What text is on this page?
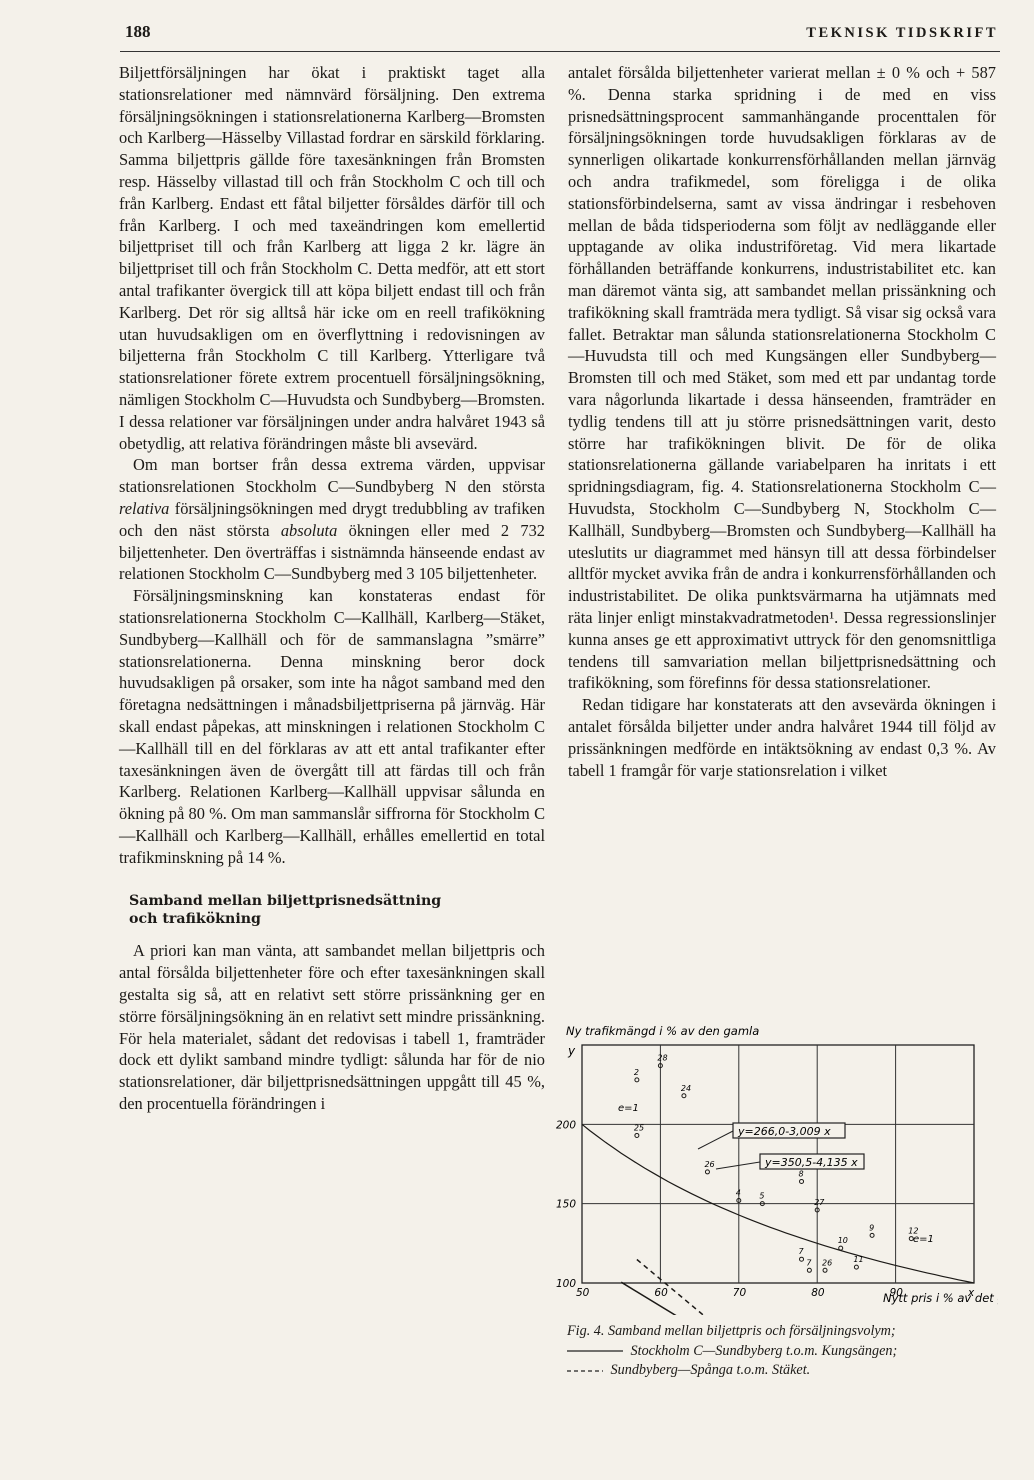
188	TEKNISK TIDSKRIFT

Biljettförsäljningen har ökat i praktiskt taget alla stationsrelationer med nämnvärd försäljning. Den extrema försäljningsökningen i stationsrelationerna Karlberg—Bromsten och Karlberg—Hässelby Villastad fordrar en särskild förklaring. Samma biljettpris gällde före taxesänkningen från Bromsten resp. Hässelby villastad till och från Stockholm C och till och från Karlberg. Endast ett fåtal biljetter försåldes därför till och från Karlberg. I och med taxeändringen kom emellertid biljettpriset till och från Karlberg att ligga 2 kr. lägre än biljettpriset till och från Stockholm C. Detta medför, att ett stort antal trafikanter övergick till att köpa biljett endast till och från Karlberg. Det rör sig alltså här icke om en reell trafikökning utan huvudsakligen om en överflyttning i redovisningen av biljetterna från Stockholm C till Karlberg. Ytterligare två stationsrelationer förete extrem procentuell försäljningsökning, nämligen Stockholm C—Huvudsta och Sundbyberg—Bromsten. I dessa relationer var försäljningen under andra halvåret 1943 så obetydlig, att relativa förändringen måste bli avsevärd.

Om man bortser från dessa extrema värden, uppvisar stationsrelationen Stockholm C—Sundbyberg N den största relativa försäljningsökningen med drygt tredubbling av trafiken och den näst största absoluta ökningen eller med 2 732 biljettenheter. Den överträffas i sistnämnda hänseende endast av relationen Stockholm C—Sundbyberg med 3 105 biljettenheter.

Försäljningsminskning kan konstateras endast för stationsrelationerna Stockholm C—Kallhäll, Karlberg—Stäket, Sundbyberg—Kallhäll och för de sammanslagna ”smärre” stationsrelationerna. Denna minskning beror dock huvudsakligen på orsaker, som inte ha något samband med den företagna nedsättningen i månadsbiljettpriserna på järnväg. Här skall endast påpekas, att minskningen i relationen Stockholm C—Kallhäll till en del förklaras av att ett antal trafikanter efter taxesänkningen även de övergått till att färdas till och från Karlberg. Relationen Karlberg—Kallhäll uppvisar sålunda en ökning på 80 %. Om man sammanslår siffrorna för Stockholm C—Kallhäll och Karlberg—Kallhäll, erhålles emellertid en total trafikminskning på 14 %.

Samband mellan biljettprisnedsättning
och trafikökning

A priori kan man vänta, att sambandet mellan biljettpris och antal försålda biljettenheter före och efter taxesänkningen skall gestalta sig så, att en relativt sett större prissänkning ger en större försäljningsökning än en relativt sett mindre prissänkning. För hela materialet, sådant det redovisas i tabell 1, framträder dock ett dylikt samband mindre tydligt: sålunda har för de nio stationsrelationer, där biljettprisnedsättningen uppgått till 45 %, den procentuella förändringen i

antalet försålda biljettenheter varierat mellan ± 0 % och + 587 %. Denna starka spridning i de med en viss prisnedsättningsprocent sammanhängande procenttalen för försäljningsökningen torde huvudsakligen förklaras av de synnerligen olikartade konkurrensförhållanden mellan järnväg och andra trafikmedel, som föreligga i de olika stationsförbindelserna, samt av vissa ändringar i resbehoven mellan de båda tidsperioderna som följt av nedläggande eller upptagande av olika industriföretag. Vid mera likartade förhållanden beträffande konkurrens, industristabilitet etc. kan man däremot vänta sig, att sambandet mellan prissänkning och trafikökning skall framträda mera tydligt. Så visar sig också vara fallet. Betraktar man sålunda stationsrelationerna Stockholm C—Huvudsta till och med Kungsängen eller Sundbyberg—Bromsten till och med Stäket, som med ett par undantag torde vara någorlunda likartade i dessa hänseenden, framträder en tydlig tendens till att ju större prisnedsättningen varit, desto större har trafikökningen blivit. De för de olika stationsrelationerna gällande variabelparen ha inritats i ett spridningsdiagram, fig. 4. Stationsrelationerna Stockholm C—Huvudsta, Stockholm C—Sundbyberg N, Stockholm C—Kallhäll, Sundbyberg—Bromsten och Sundbyberg—Kallhäll ha uteslutits ur diagrammet med hänsyn till att dessa förbindelser alltför mycket avvika från de andra i konkurrensförhållanden och industristabilitet. De olika punktsvärmarna ha utjämnats med räta linjer enligt minstakvadratmetoden¹. Dessa regressionslinjer kunna anses ge ett approximativt uttryck för den genomsnittliga tendens till samvariation mellan biljettprisnedsättning och trafikökning, som förefinns för dessa stationsrelationer.

Redan tidigare har konstaterats att den avsevärda ökningen i antalet försålda biljetter under andra halvåret 1944 till följd av prissänkningen medförde en intäktsökning av endast 0,3 %. Av tabell 1 framgår för varje stationsrelation i vilket

Ny trafikmängd i % av den gamla
y
Nytt pris i % av det
50	60	70	80	90	x
100
150
200
2
24
25
26
4
27
9
7
28
5
8
12
10
11
7 26
y=266,0-3,009 x
y=350,5-4,135 x
e=1
e=1
Fig. 4. Samband mellan biljettpris och försäljningsvolym;
Stockholm C—Sundbyberg t.o.m. Kungsängen;
Sundbyberg—Spånga t.o.m. Stäket.
